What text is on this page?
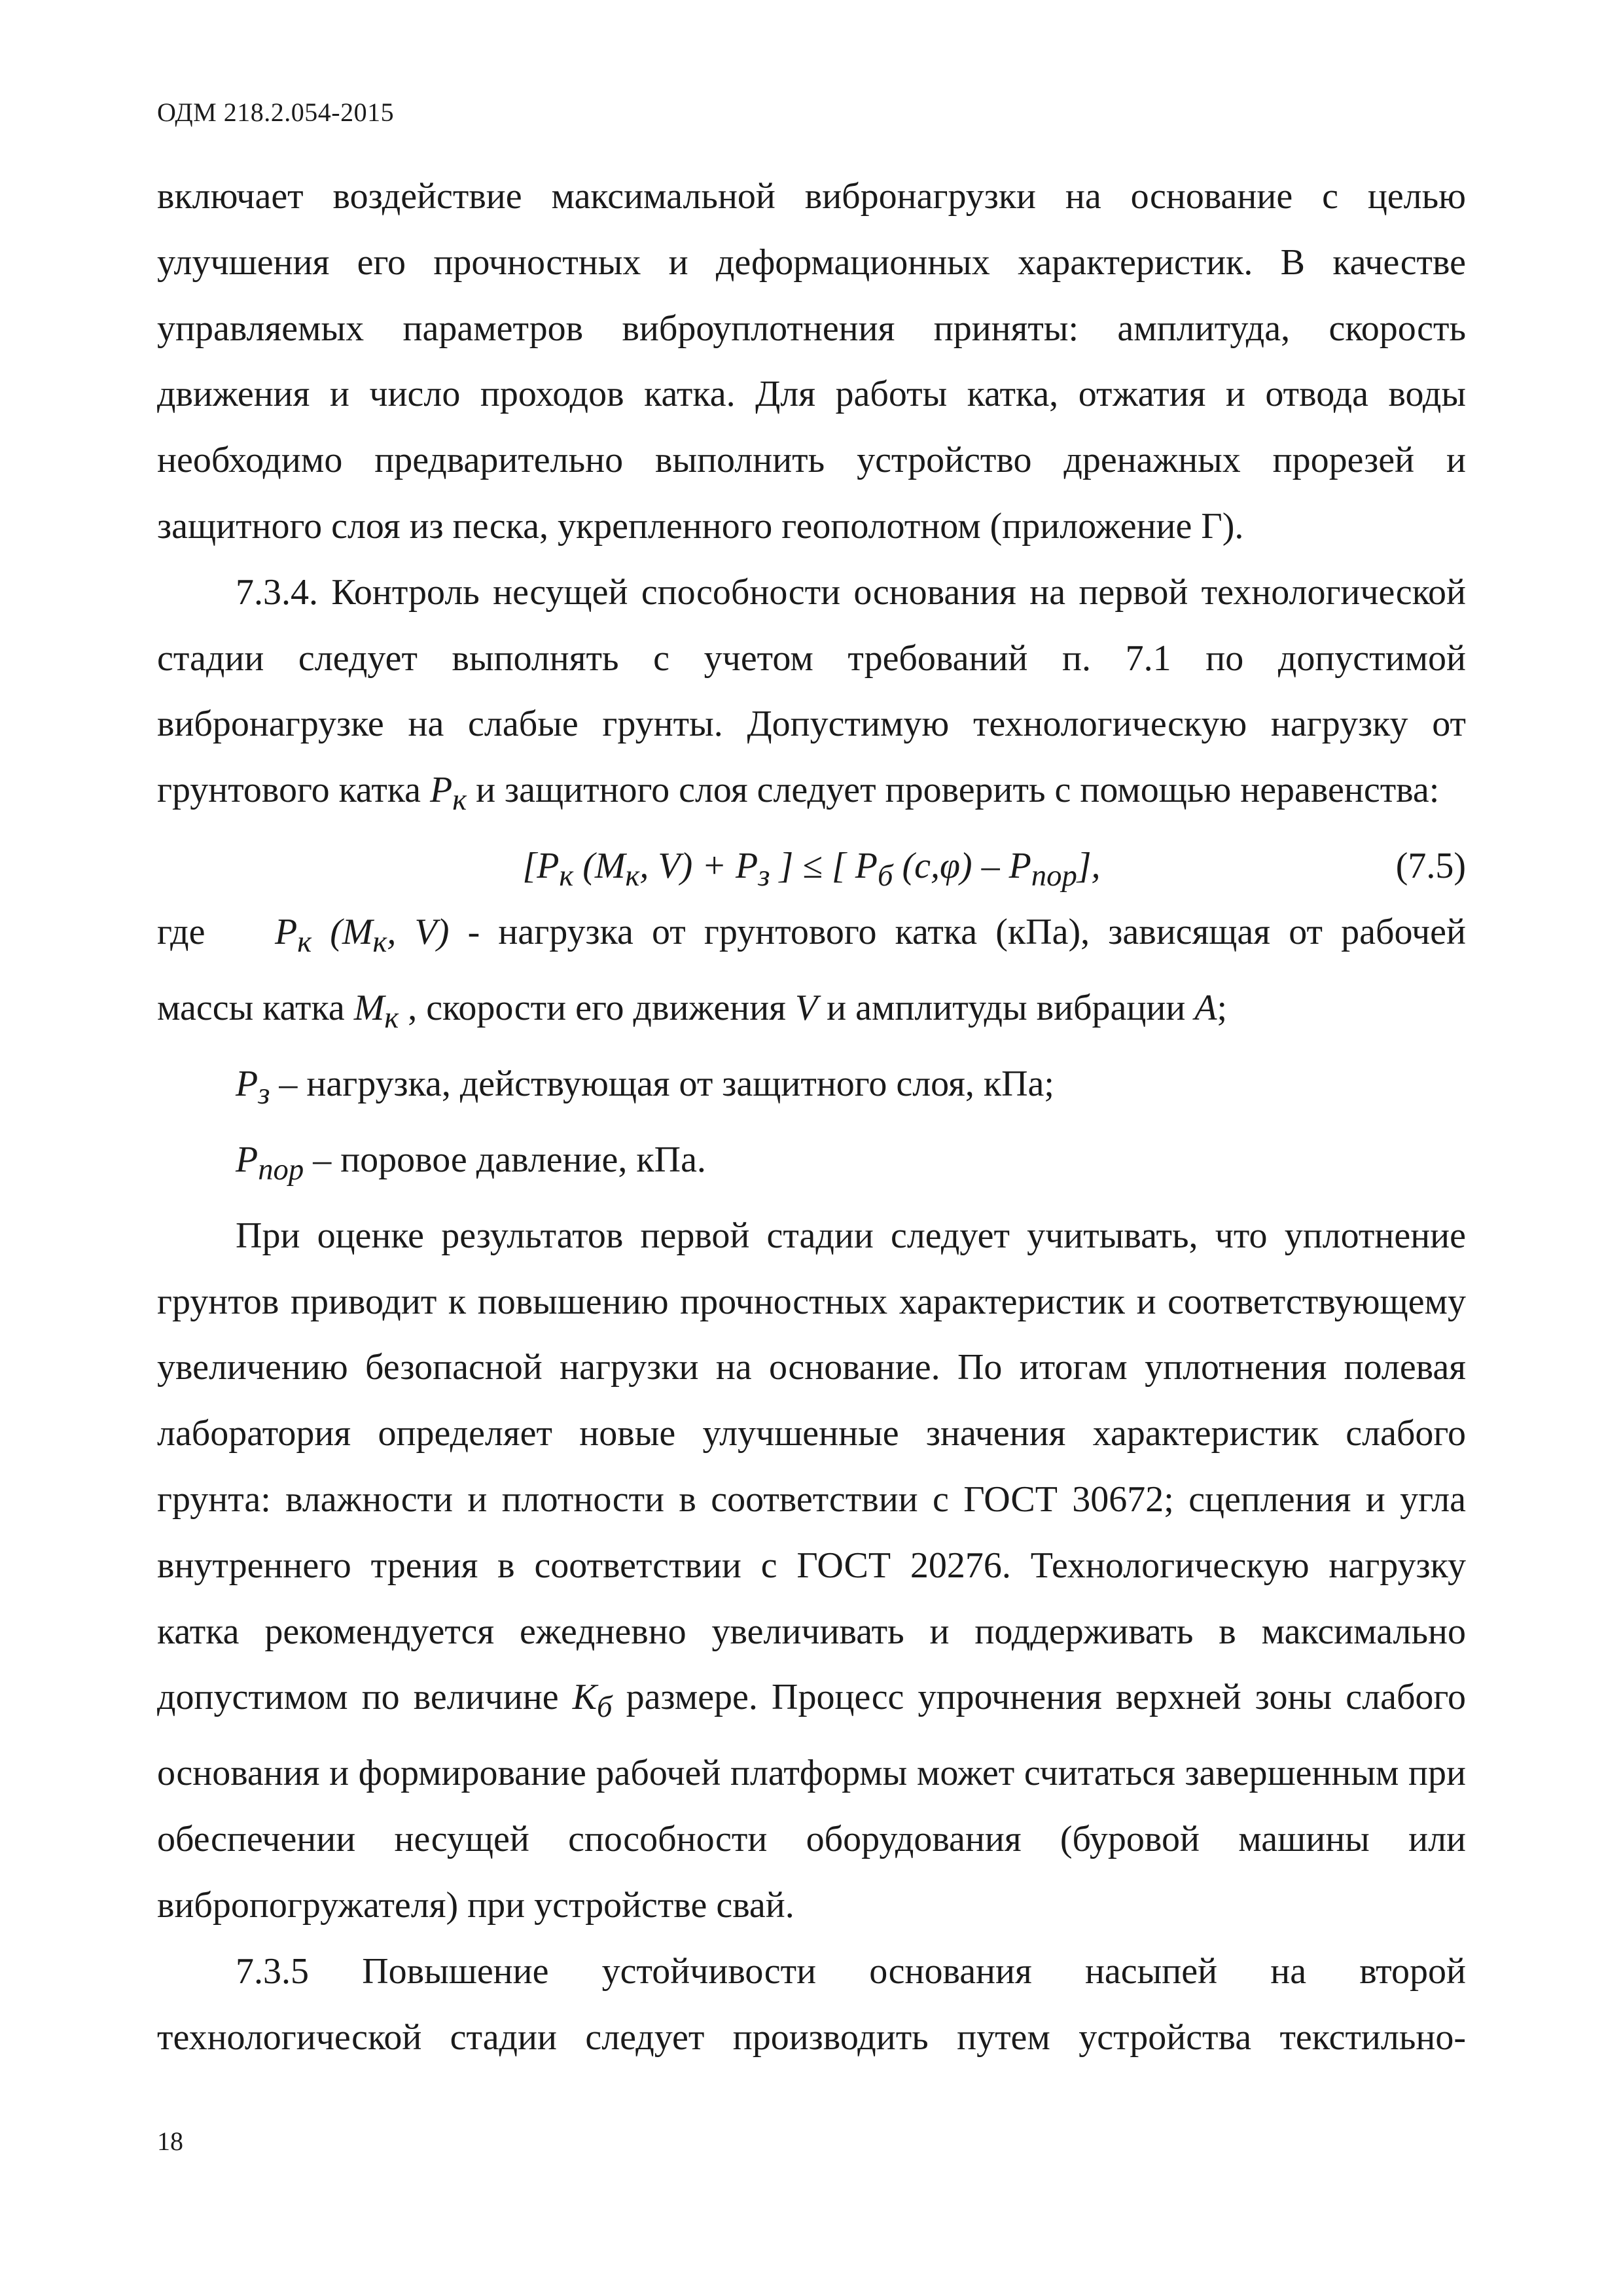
ОДМ 218.2.054-2015

включает воздействие максимальной вибронагрузки на основание с целью улучшения его прочностных и деформационных характеристик. В качестве управляемых параметров виброуплотнения приняты: амплитуда, скорость движения и число проходов катка. Для работы катка, отжатия и отвода воды необходимо предварительно выполнить устройство дренажных прорезей и защитного слоя из песка, укрепленного геополотном (приложение Г).

7.3.4. Контроль несущей способности основания на первой технологической стадии следует выполнять с учетом требований п. 7.1 по допустимой вибронагрузке на слабые грунты. Допустимую технологическую нагрузку от грунтового катка $Р_к$ и защитного слоя следует проверить с помощью неравенства:

[$Р_к$ ($М_к$, $V) + Р_з$ ] ≤ [ $Р_б$ $(с,\varphi) - Р_{пор}$],	(7.5)

где $Р_к$ ($М_к$, V) - нагрузка от грунтового катка (кПа), зависящая от рабочей массы катка $М_к$ , скорости его движения V и амплитуды вибрации А;

$Р_з$ – нагрузка, действующая от защитного слоя, кПа;

$Р_{пор}$ – поровое давление, кПа.

При оценке результатов первой стадии следует учитывать, что уплотнение грунтов приводит к повышению прочностных характеристик и соответствующему увеличению безопасной нагрузки на основание. По итогам уплотнения полевая лаборатория определяет новые улучшенные значения характеристик слабого грунта: влажности и плотности в соответствии с ГОСТ 30672; сцепления и угла внутреннего трения в соответствии с ГОСТ 20276. Технологическую нагрузку катка рекомендуется ежедневно увеличивать и поддерживать в максимально допустимом по величине $К_б$ размере. Процесс упрочнения верхней зоны слабого основания и формирование рабочей платформы может считаться завершенным при обеспечении несущей способности оборудования (буровой машины или вибропогружателя) при устройстве свай.

7.3.5 Повышение устойчивости основания насыпей на второй технологической стадии следует производить путем устройства текстильно-

18
